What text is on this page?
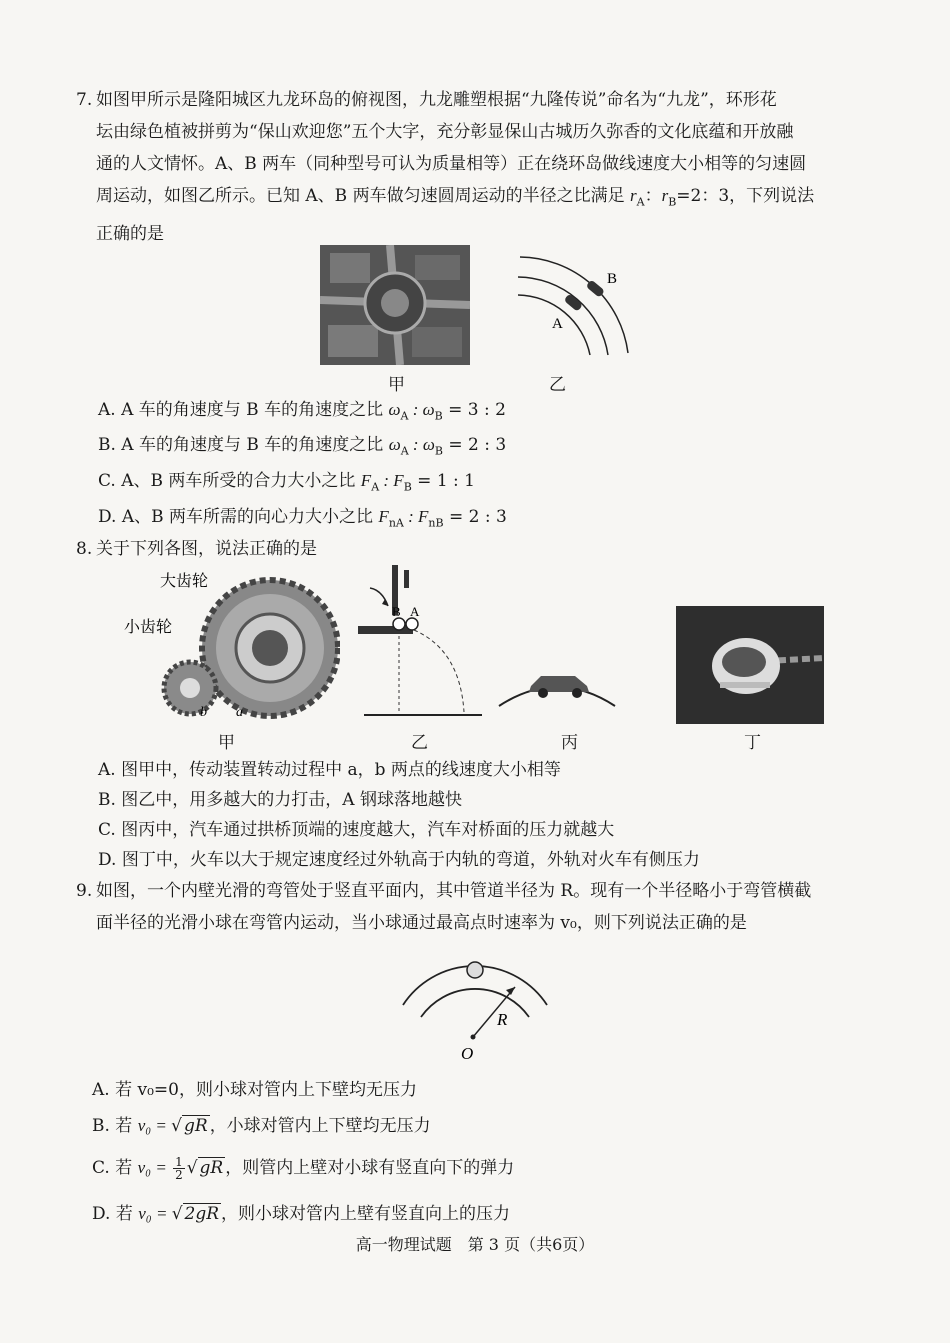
7. 如图甲所示是隆阳城区九龙环岛的俯视图，九龙雕塑根据“九隆传说”命名为“九龙”，环形花
坛由绿色植被拼剪为“保山欢迎您”五个大字，充分彰显保山古城历久弥香的文化底蕴和开放融
通的人文情怀。A、B 两车（同种型号可认为质量相等）正在绕环岛做线速度大小相等的匀速圆
周运动，如图乙所示。已知 A、B 两车做匀速圆周运动的半径之比满足 $r_A$：$r_B=2$：3，下列说法
正确的是
甲
B
A
乙
A. A 车的角速度与 B 车的角速度之比 $\omega_A$ : $\omega_B = 3$ : 2
B. A 车的角速度与 B 车的角速度之比 $\omega_A$ : $\omega_B = 2$ : 3
C. A、B 两车所受的合力大小之比 $F_A$ : $F_B = 1$ : 1
D. A、B 两车所需的向心力大小之比 $F_{nA}$ : $F_{nB} = 2$ : 3
8. 关于下列各图，说法正确的是
大齿轮
小齿轮
b a
甲
B A
乙	丙	丁
A. 图甲中，传动装置转动过程中 a，b 两点的线速度大小相等
B. 图乙中，用多越大的力打击，A 钢球落地越快
C. 图丙中，汽车通过拱桥顶端的速度越大，汽车对桥面的压力就越大
D. 图丁中，火车以大于规定速度经过外轨高于内轨的弯道，外轨对火车有侧压力
9. 如图，一个内壁光滑的弯管处于竖直平面内，其中管道半径为 R。现有一个半径略小于弯管横截
面半径的光滑小球在弯管内运动，当小球通过最高点时速率为 v₀，则下列说法正确的是
R
O
A. 若 v₀=0，则小球对管内上下壁均无压力
B. 若 v₀ = √ gR ，小球对管内上下壁均无压力
C. 若 $v_0 = \frac{1}{2}$ √ gR ，则管内上壁对小球有竖直向下的弹力
D. 若 v₀ = √ 2gR ，则小球对管内上壁有竖直向上的压力
高一物理试题　第 3 页（共6页）
